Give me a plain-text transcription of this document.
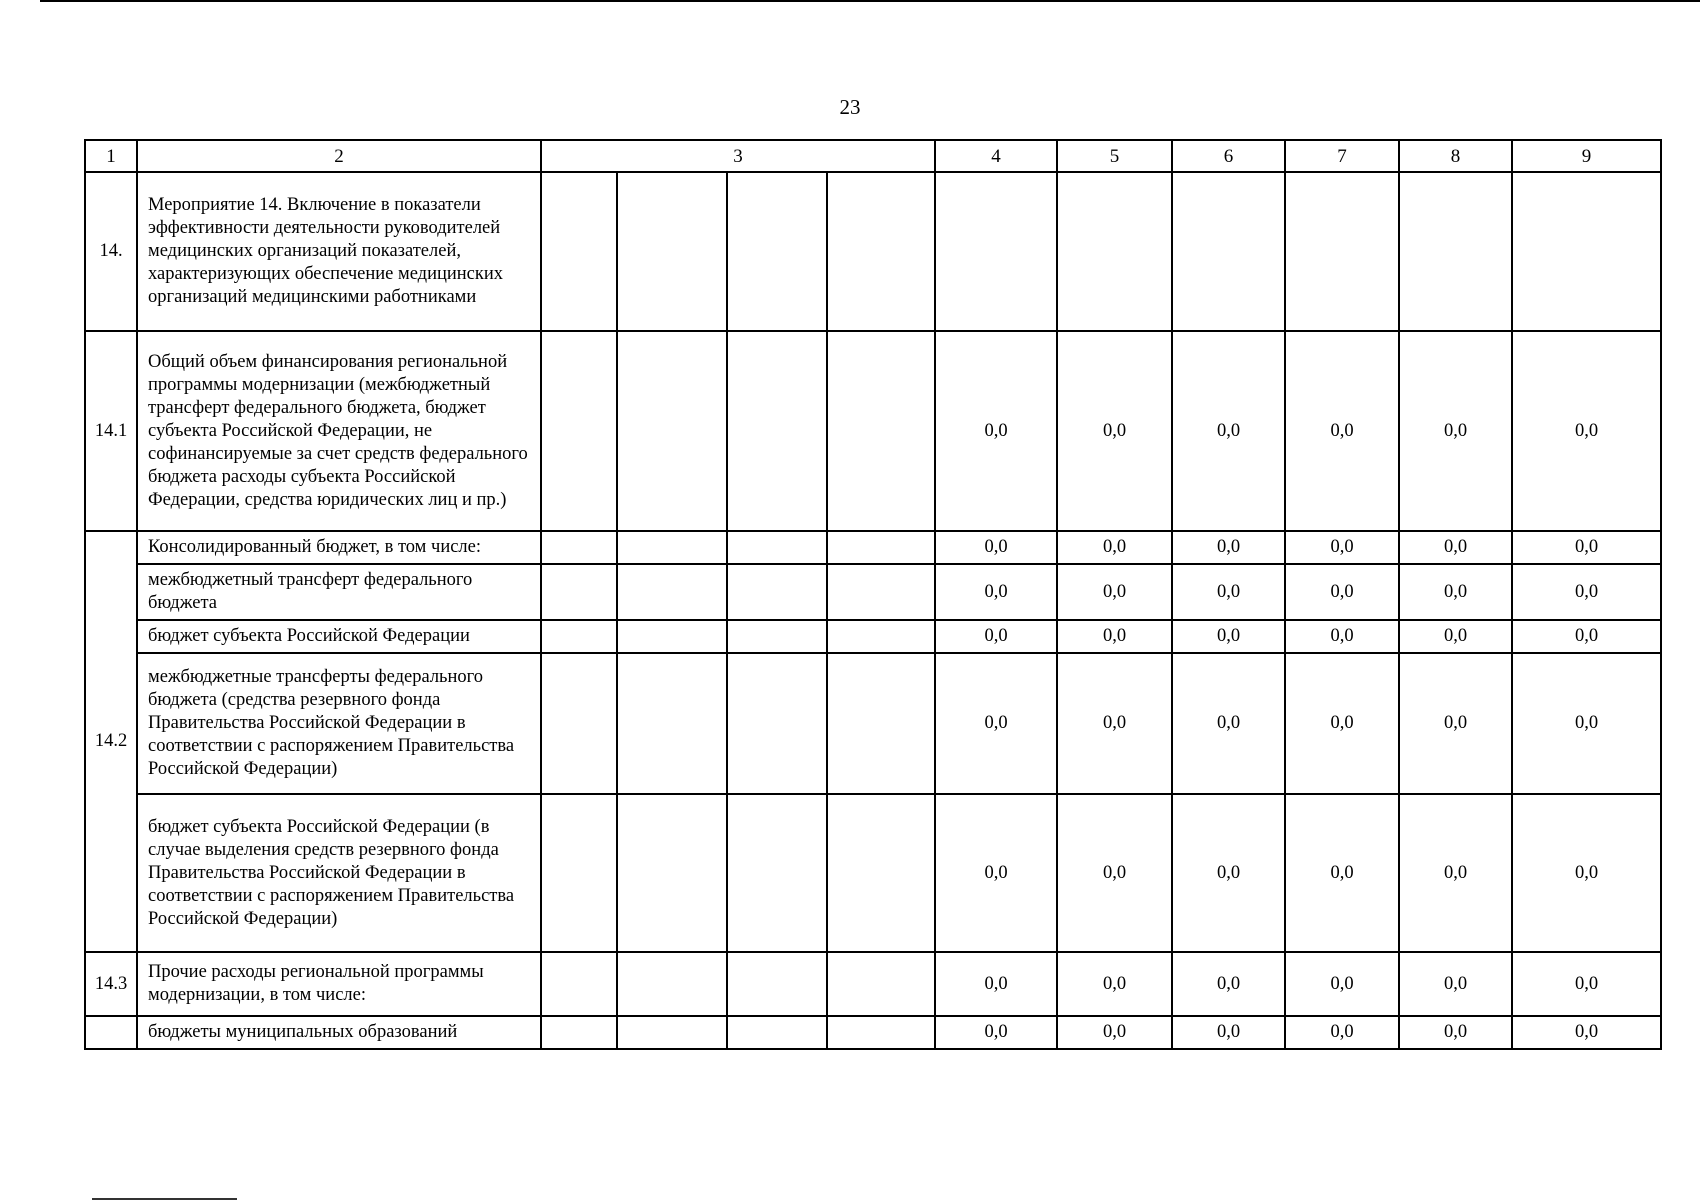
23
1	2	3				4	5	6	7	8	9
14.	Мероприятие 14. Включение в показатели эффективности деятельности руководителей медицинских организаций показателей, характеризующих обеспечение медицинских организаций медицинскими работниками										
14.1	Общий объем финансирования региональной программы модернизации (межбюджетный трансферт федерального бюджета, бюджет субъекта Российской Федерации, не софинансируемые за счет средств федерального бюджета расходы субъекта Российской Федерации, средства юридических лиц и пр.)					0,0	0,0	0,0	0,0	0,0	0,0
14.2	Консолидированный бюджет, в том числе:					0,0	0,0	0,0	0,0	0,0	0,0
	межбюджетный трансферт федерального бюджета					0,0	0,0	0,0	0,0	0,0	0,0
	бюджет субъекта Российской Федерации					0,0	0,0	0,0	0,0	0,0	0,0
	межбюджетные трансферты федерального бюджета (средства резервного фонда Правительства Российской Федерации в соответствии с распоряжением Правительства Российской Федерации)					0,0	0,0	0,0	0,0	0,0	0,0
	бюджет субъекта Российской Федерации (в случае выделения средств резервного фонда Правительства Российской Федерации в соответствии с распоряжением Правительства Российской Федерации)					0,0	0,0	0,0	0,0	0,0	0,0
14.3	Прочие расходы региональной программы модернизации, в том числе:					0,0	0,0	0,0	0,0	0,0	0,0
	бюджеты муниципальных образований					0,0	0,0	0,0	0,0	0,0	0,0
